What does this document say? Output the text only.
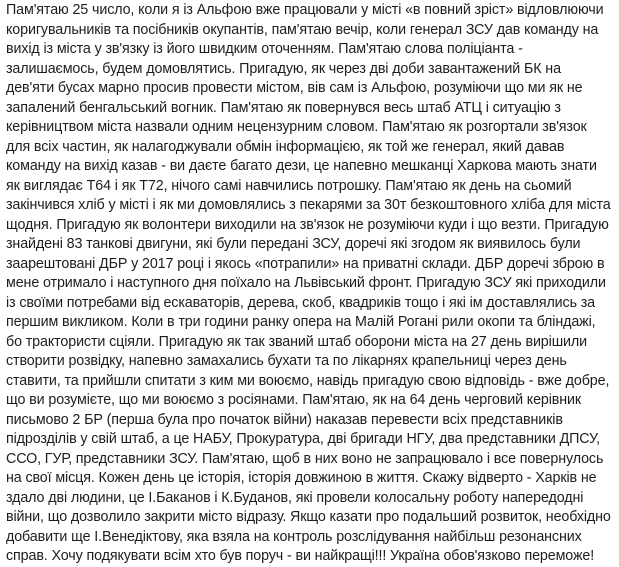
Пам'ятаю 25 число, коли я із Альфою вже працювали у місті «в повний зріст» відловлюючи коригувальників та посібників окупантів, пам'ятаю вечір, коли генерал ЗСУ дав команду на вихід із міста у зв'язку із його швидким оточенням. Пам'ятаю слова поліціанта - залишаємось, будем домовлятись. Пригадую, як через дві доби завантажений БК на дев'яти бусах марно просив провести містом, вів сам із Альфою, розуміючи що ми як не запалений бенгальський вогник. Пам'ятаю як повернувся весь штаб АТЦ і ситуацію з керівництвом міста назвали одним нецензурним словом. Пам'ятаю як розгортали зв'язок для всіх частин, як налагоджували обмін інформацією, як той же генерал, який давав команду на вихід казав - ви даєте багато дези, це напевно мешканці Харкова мають знати як виглядає Т64 і як Т72, нічого самі навчились потрошку. Пам'ятаю як день на сьомий закінчився хліб у місті і як ми домовлялись з пекарями за 30т безкоштовного хліба для міста щодня. Пригадую як волонтери виходили на зв'язок не розуміючи куди і що везти. Пригадую знайдені 83 танкові двигуни, які були передані ЗСУ, доречі які згодом як виявилось були заарештовані ДБР у 2017 році і якось «потрапили» на приватні склади. ДБР доречі зброю в мене отримало і наступного дня поїхало на Львівський фронт. Пригадую ЗСУ які приходили із своїми потребами від ескаваторів, дерева, скоб, квадриків тощо і які ім доставлялись за першим викликом. Коли в три години ранку опера на Малій Рогані рили окопи та бліндажі, бо трактористи сціяли. Пригадую як так званий штаб оборони міста на 27 день вирішили створити розвідку, напевно замахались бухати та по лікарнях крапельниці через день ставити, та прийшли спитати з ким ми воюємо, навідь пригадую свою відповідь - вже добре, що ви розумієте, що ми воюємо з росіянами. Пам'ятаю, як на 64 день черговий керівник письмово 2 БР (перша була про початок війни) наказав перевести всіх представників підрозділів у свій штаб, а це НАБУ, Прокуратура, дві бригади НГУ, два представники ДПСУ, ССО, ГУР, представники ЗСУ. Пам'ятаю, щоб в них воно не запрацювало і все повернулось на свої місця. Кожен день це історія, історія довжиною в життя. Скажу відверто - Харків не здало дві людини, це І.Баканов і К.Буданов, які провели колосальну роботу напередодні війни, що дозволило закрити місто відразу. Якщо казати про подальший розвиток, необхідно добавити ще І.Венедіктову, яка взяла на контроль розслідування найбільш резонансних справ. Хочу подякувати всім хто був поруч - ви найкращі!!! Україна обов'язково переможе!
